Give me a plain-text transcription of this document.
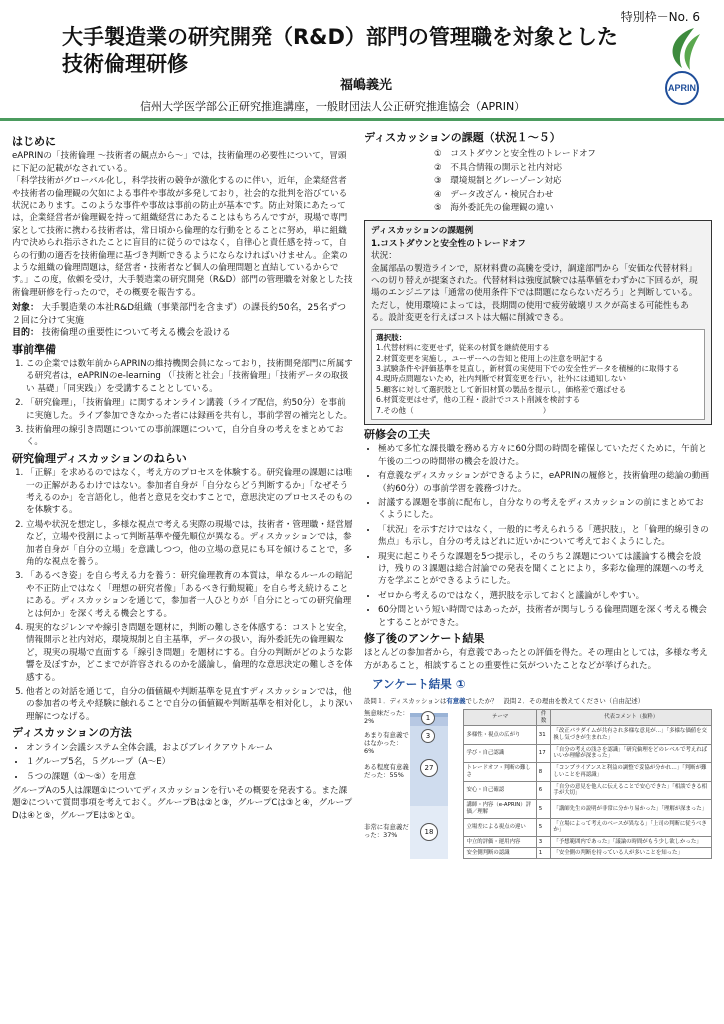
特別枠－No. 6
大手製造業の研究開発（R&D）部門の管理職を対象とした技術倫理研修
福嶋義光
信州大学医学部公正研究推進講座，一般財団法人公正研究推進協会（APRIN）
APRIN
はじめに

eAPRINの「技術倫理 〜技術者の観点から〜」では，技術倫理の必要性について，冒頭に下記の記載がなされている。

「科学技術がグローバル化し，科学技術の競争が激化するのに伴い，近年，企業経営者や技術者の倫理観の欠如による事件や事故が多発しており，社会的な批判を浴びている状況にあります。このような事件や事故は事前の防止が基本です。防止対策にあたっては，企業経営者が倫理観を持って組織経営にあたることはもちろんですが，現場で専門家として技術に携わる技術者は，常日頃から倫理的な行動をとることに努め，単に組織内で決められ指示されたことに盲目的に従うのではなく，自律心と責任感を持って，自らの行動の適否を技術倫理に基づき判断できるようにならなければいけません。企業のような組織の倫理問題は，経営者・技術者など個人の倫理問題と直結しているからです。」この度，依頼を受け，大手製造業の研究開発（R&D）部門の管理職を対象とした技術倫理研修を行ったので，その概要を報告する。

対象： 大手製造業の本社R&D組織（事業部門を含まず）の課長約50名，25名ずつ２回に分けて実施

目的： 技術倫理の重要性について考える機会を設ける

事前準備
1. この企業では数年前からAPRINの維持機関会員になっており，技術開発部門に所属する研究者は，eAPRINのe-learning （「技術と社会」「技術倫理」「技術データの取扱い 基礎」「同実践」）を受講することとしている。
2. 「研究倫理」，「技術倫理」に関するオンライン講義（ライブ配信，約50分）を事前に実施した。ライブ参加できなかった者には録画を共有し，事前学習の補完とした。
3. 技術倫理の線引き問題についての事前課題について，自分自身の考えをまとめておく。
研究倫理ディスカッションのねらい
1. 「正解」を求めるのではなく，考え方のプロセスを体験する。研究倫理の課題には唯一の正解があるわけではない。参加者自身が「自分ならどう判断するか」「なぜそう考えるのか」を言語化し，他者と意見を交わすことで，意思決定のプロセスそのものを体験する。
2. 立場や状況を想定し，多様な視点で考える実際の現場では，技術者・管理職・経営層など，立場や役割によって判断基準や優先順位が異なる。ディスカッションでは，参加者自身が「自分の立場」を意識しつつ，他の立場の意見にも耳を傾けることで，多角的な視点を養う。
3. 「あるべき姿」を自ら考える力を養う：研究倫理教育の本質は，単なるルールの暗記や不正防止ではなく「理想の研究者像」「あるべき行動規範」を自ら考え続けることにある。ディスカッションを通じて，参加者一人ひとりが「自分にとっての研究倫理とは何か」を深く考える機会とする。
4. 現実的なジレンマや線引き問題を題材に，判断の難しさを体感する：コストと安全，情報開示と社内対応，環境規制と自主基準，データの扱い，海外委託先の倫理観など，現実の現場で直面する「線引き問題」を題材にする。自分の判断がどのような影響を及ぼすか，どこまでが許容されるのかを議論し，倫理的な意思決定の難しさを体感する。
5. 他者との対話を通じて，自分の価値観や判断基準を見直すディスカッションでは，他の参加者の考えや経験に触れることで自分の価値観や判断基準を相対化し，より深い理解につなげる。
ディスカッションの方法
• オンライン会議システム全体会議，およびブレイクアウトルーム
• １グループ5名，５グループ（A〜E）
• ５つの課題（①〜⑤）を用意

グループAの5人は課題①についてディスカッションを行いその概要を発表する。また課題②について質問事項を考えておく。グループBは②と③，グループCは③と④，グループDは④と⑤，グループEは⑤と①。

ディスカッションの課題（状況１〜５）
①　コストダウンと安全性のトレードオフ
②　不具合情報の開示と社内対応
③　環境規制とグレーゾーン対応
④　データ改ざん・検尻合わせ
⑤　海外委託先の倫理観の違い
ディスカッションの課題例
1.コストダウンと安全性のトレードオフ
状況：
金属部品の製造ラインで，原材料費の高騰を受け，調達部門から「安価な代替材料」への切り替えが提案された。代替材料は強度試験では基準値をわずかに下回るが，現場のエンジニアは「通常の使用条件下では問題にならないだろう」と判断している。ただし，使用環境によっては，長期間の使用で疲労破壊リスクが高まる可能性もある。設計変更を行えばコストは大幅に削減できる。
選択肢：
1.代替材料に変更せず，従来の材質を継続使用する
2.材質変更を実施し，ユーザーへの告知と使用上の注意を明記する
3.試験条件や評価基準を見直し，新材質の実使用下での安全性データを積極的に取得する
4.現時点問題ないため，社内判断で材質変更を行い，社外には通知しない
5.顧客に対して選択肢として新旧材質の製品を提示し，価格差で選ばせる
6.材質変更はせず，他の工程・設計でコスト削減を検討する
7.その他（　　　　　　　　　　　　　　　　　）
研修会の工夫
• 極めて多忙な課長職を務める方々に60分間の時間を確保していただくために，午前と午後の二つの時間帯の機会を設けた。
• 有意義なディスカッションができるように，eAPRINの履修と，技術倫理の総論の動画（約60分）の事前学習を義務づけた。
• 討議する課題を事前に配布し，自分なりの考えをディスカッションの前にまとめておくようにした。
• 「状況」を示すだけではなく，一般的に考えられうる「選択肢」，と「倫理的線引きの焦点」も示し，自分の考えはどれに近いかについて考えておくようにした。
• 現実に起こりそうな課題を5つ提示し，そのうち２課題については議論する機会を設け，残りの３課題は総合討論での発表を聞くことにより，多彩な倫理的課題への考え方を学ぶことができるようにした。
• ゼロから考えるのではなく，選択肢を示しておくと議論がしやすい。
• 60分間という短い時間ではあったが，技術者が関与しうる倫理問題を深く考える機会とすることができた。
修了後のアンケート結果

ほとんどの参加者から，有意義であったとの評価を得た。その理由としては，多様な考え方があること，相談することの重要性に気がついたことなどが挙げられた。

アンケート結果 ①
設問１．ディスカッションは有意義でしたか？ 設問２．その理由を教えてください（自由記述）
無意味だった：2%
あまり有意義ではなかった：6%
ある程度有意義だった：55%
非常に有意義だった：37%
1
3
27
18
テーマ	件数	代表コメント（抜粋）
多様性・視点の広がり	31	「改正パラダイムが共有され多様な意見が…」「多様な価値を交換し気づきが生まれた」
学び・自己認識	17	「自分の考えの浅さを認識」「研究倫理をどのレベルで考えればいいか理解が深まった」
トレードオフ・判断の難しさ	8	「コンプライアンスと利益の調整で妥協が分かれ…」「判断が難しいことを再認識」
安心・自己確認	6	「自分の意見を他人に伝えることで安心できた」「相談できる相手が大切」
講師・内容（e-APRIN）評価／理解	5	「講師先生の説明が非常に分かり易かった」「理解が深まった」
立場差による視点の違い	5	「立場によって考えのベースが異なる」「上司の判断に従うべきか」
中立的評価・運用内容	3	「予想範囲内であった」「議論の時間がもう少し欲しかった」
安全側判断の認識	1	「安全側の判断を持っている人が多いことを知った」
